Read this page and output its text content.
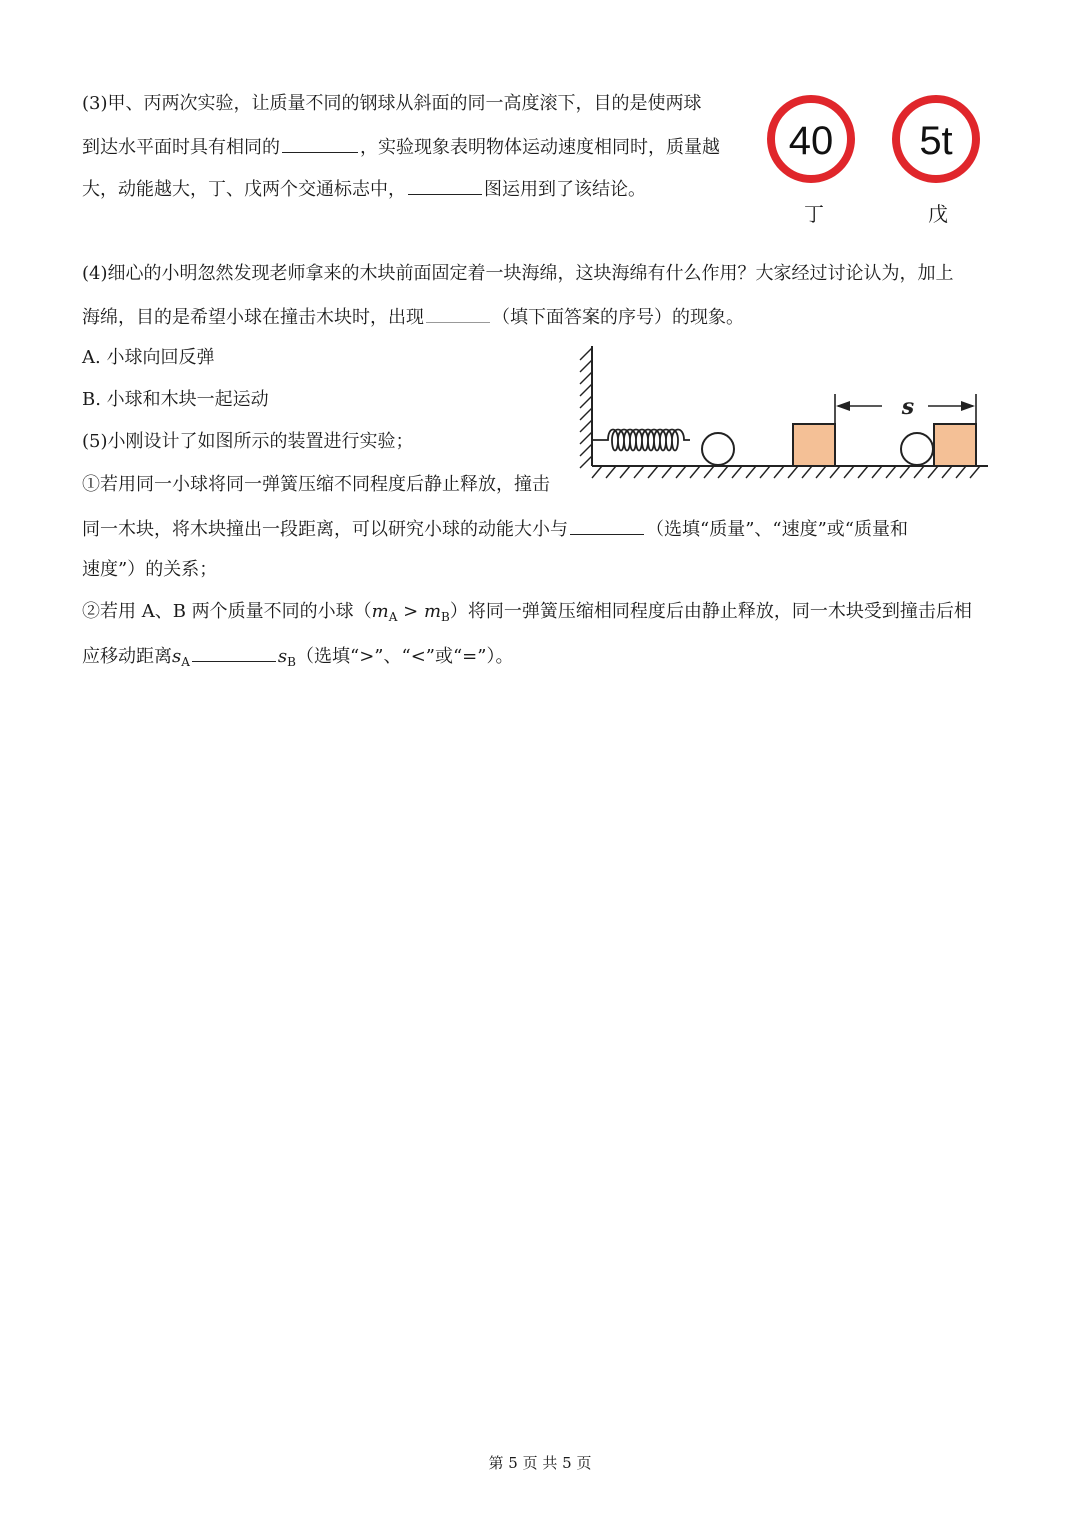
(3)甲、丙两次实验，让质量不同的钢球从斜面的同一高度滚下，目的是使两球
到达水平面时具有相同的	，实验现象表明物体运动速度相同时，质量越
大，动能越大，丁、戊两个交通标志中，	图运用到了该结论。
40
丁
5t
戊
(4)细心的小明忽然发现老师拿来的木块前面固定着一块海绵，这块海绵有什么作用？大家经过讨论认为，加上
海绵，目的是希望小球在撞击木块时，出现	（填下面答案的序号）的现象。
A. 小球向回反弹
B. 小球和木块一起运动
(5)小刚设计了如图所示的装置进行实验；
①若用同一小球将同一弹簧压缩不同程度后静止释放，撞击
同一木块，将木块撞出一段距离，可以研究小球的动能大小与	（选填“质量”、“速度”或“质量和
速度”）的关系；
②若用 A、B 两个质量不同的小球$(m_A > m_B)$将同一弹簧压缩相同程度后由静止释放，同一木块受到撞击后相
应移动距离$s_A$	$s_B$（选填“>”、“<”或“=”）。
s
第 5 页 共 5 页
